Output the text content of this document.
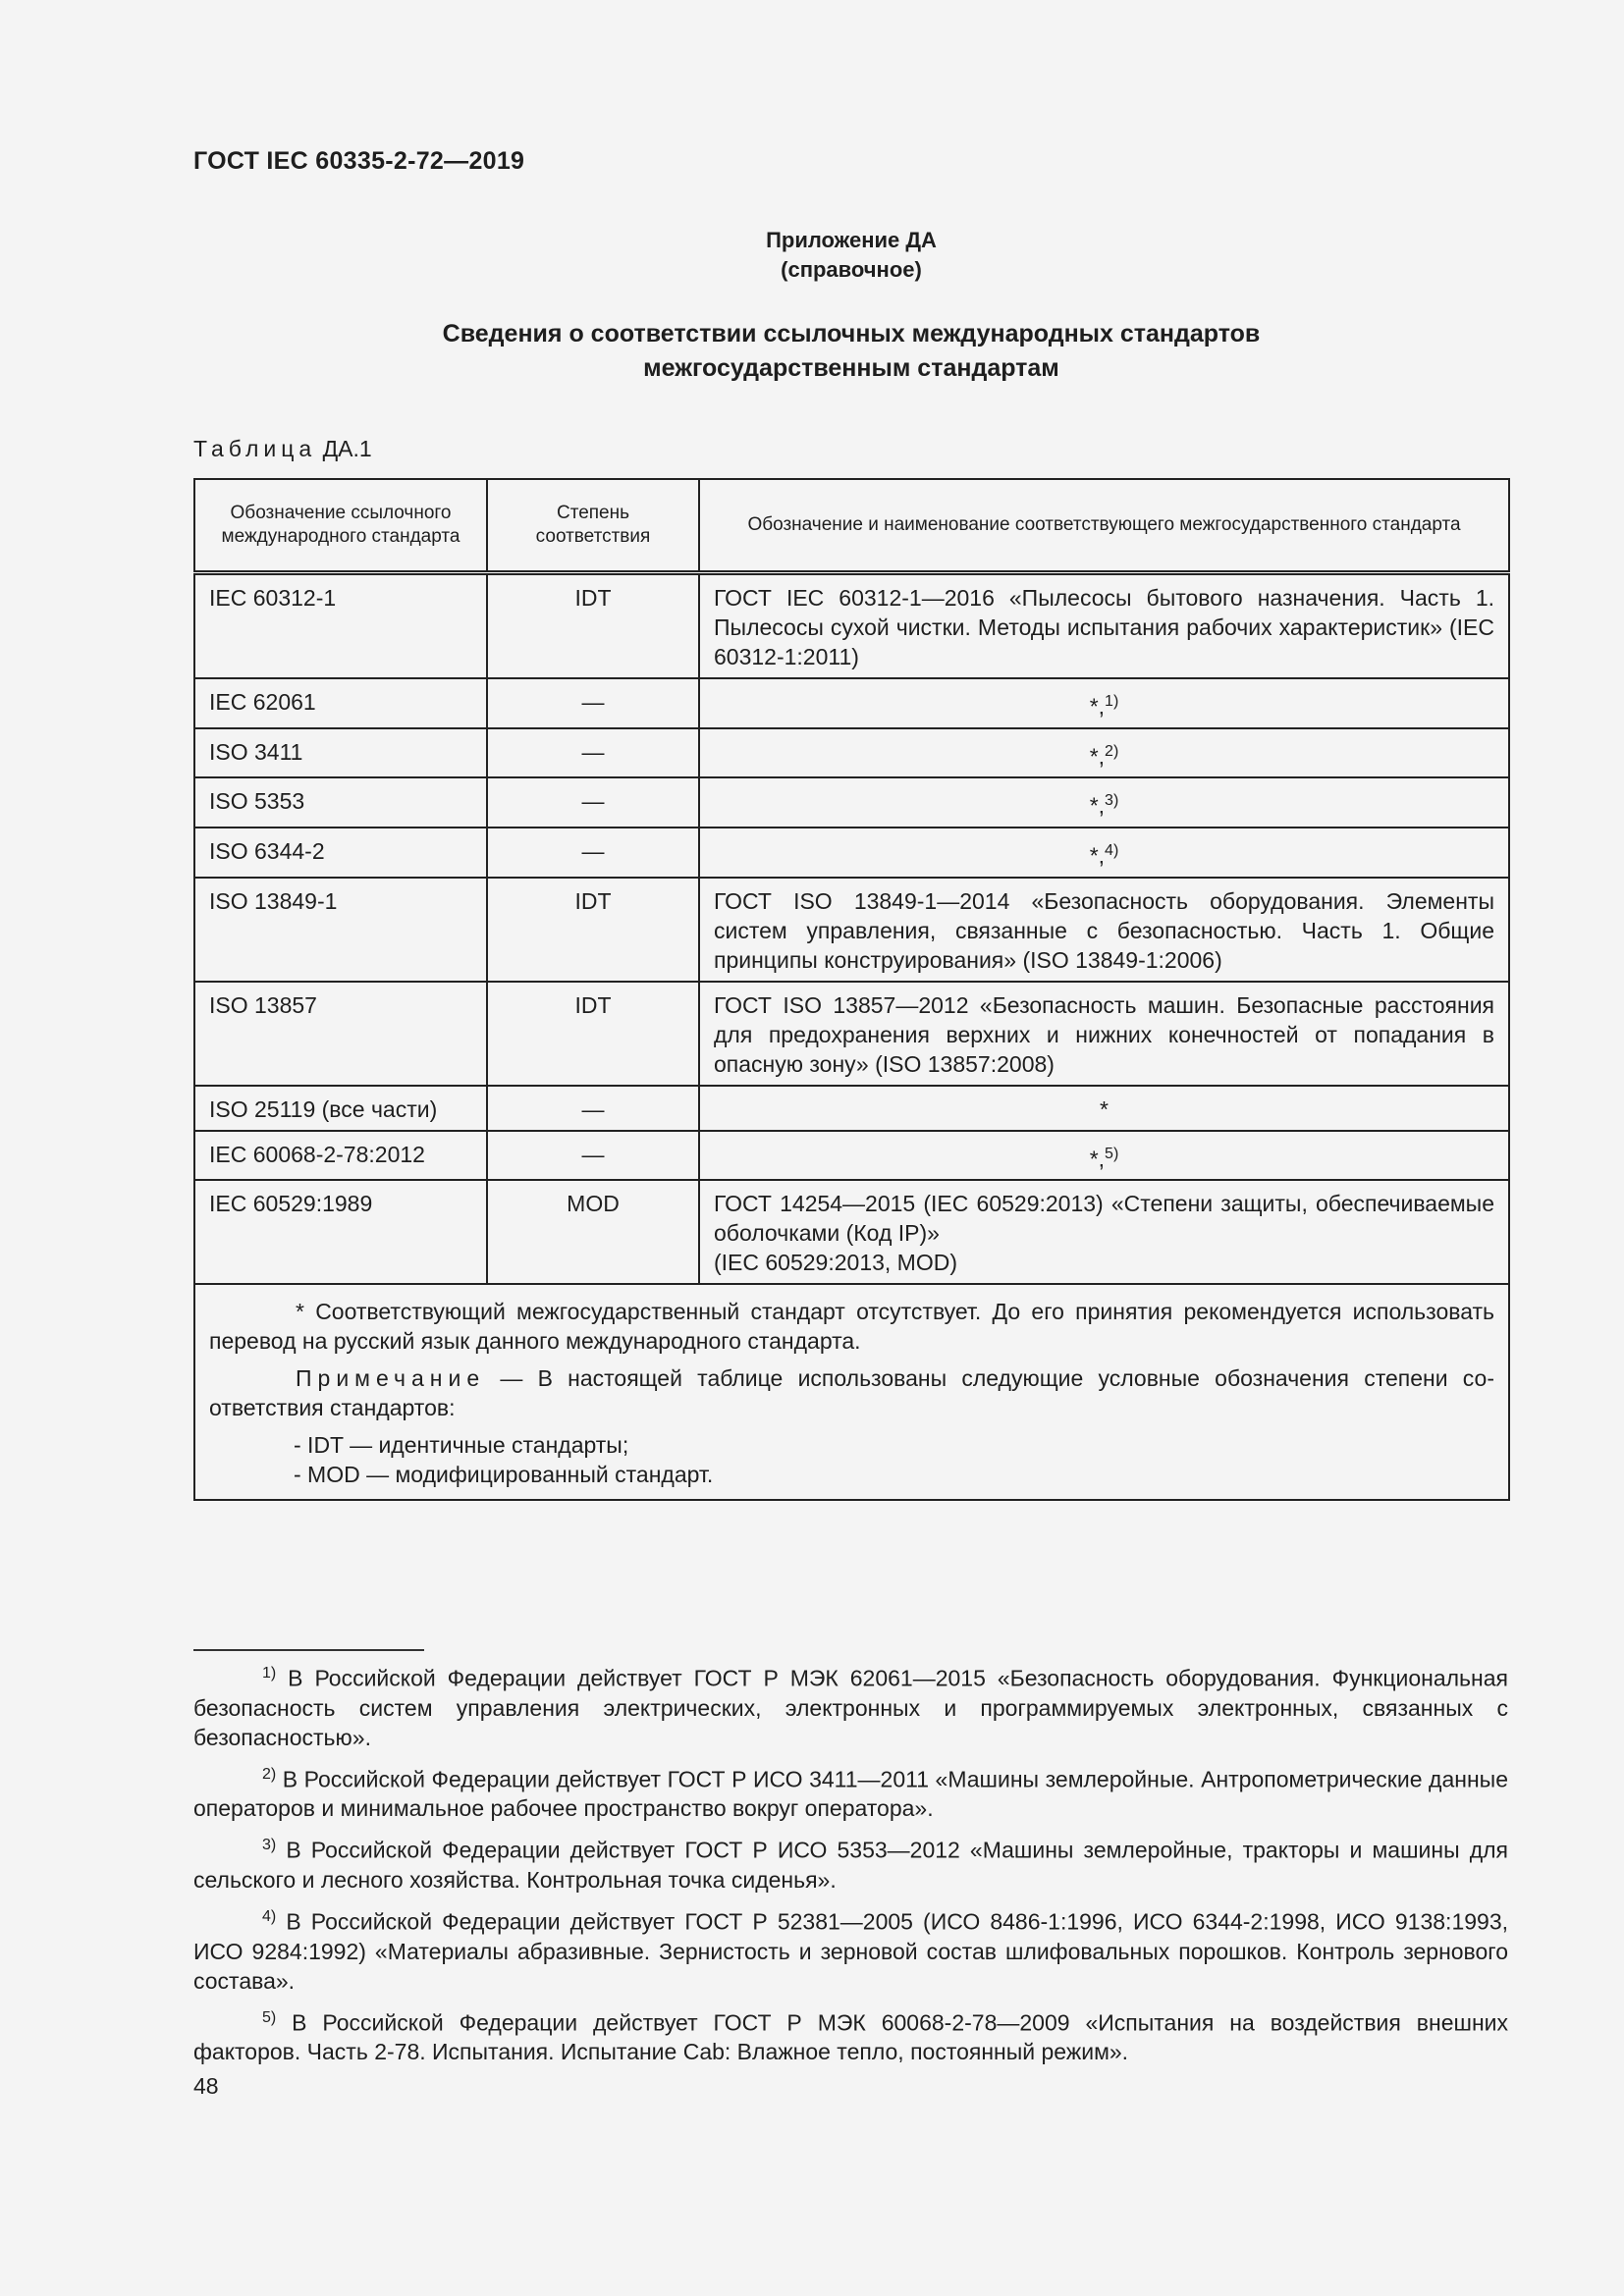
ГОСТ IEC 60335-2-72—2019
Приложение ДА
(справочное)
Сведения о соответствии ссылочных международных стандартов
межгосударственным стандартам
Таблица ДА.1
Обозначение ссылочного международного стандарта	Степень соответствия	Обозначение и наименование соответствующего межгосударственного стандарта
IEC 60312-1	IDT	ГОСТ IEC 60312-1—2016 «Пылесосы бытового назначения. Часть 1. Пылесосы сухой чистки. Методы испытания рабочих характеристик» (IEC 60312-1:2011)
IEC 62061	—	*,$^{1)}$
ISO 3411	—	*,$^{2)}$
ISO 5353	—	*,$^{3)}$
ISO 6344-2	—	*,$^{4)}$
ISO 13849-1	IDT	ГОСТ ISO 13849-1—2014 «Безопасность оборудования. Элементы систем управления, связанные с безопасностью. Часть 1. Общие принципы конструирования» (ISO 13849-1:2006)
ISO 13857	IDT	ГОСТ ISO 13857—2012 «Безопасность машин. Безопасные расстояния для предохранения верхних и нижних конечностей от попадания в опасную зону» (ISO 13857:2008)
ISO 25119 (все части)	—	*
IEC 60068-2-78:2012	—	*,$^{5)}$
IEC 60529:1989	MOD	ГОСТ 14254—2015 (IEC 60529:2013) «Степени защиты, обеспечиваемые оболочками (Код IP)»
(IEC 60529:2013, MOD)

* Соответствующий межгосударственный стандарт отсутствует. До его принятия рекомендуется использовать перевод на русский язык данного международного стандарта.

Примечание — В настоящей таблице использованы следующие условные обозначения степени соответствия стандартов:

- IDT — идентичные стандарты;
- MOD — модифицированный стандарт.		

$^{1)}$ В Российской Федерации действует ГОСТ Р МЭК 62061—2015 «Безопасность оборудования. Функциональная безопасность систем управления электрических, электронных и программируемых электронных, связанных с безопасностью».

$^{2)}$ В Российской Федерации действует ГОСТ Р ИСО 3411—2011 «Машины землеройные. Антропометрические данные операторов и минимальное рабочее пространство вокруг оператора».

$^{3)}$ В Российской Федерации действует ГОСТ Р ИСО 5353—2012 «Машины землеройные, тракторы и машины для сельского и лесного хозяйства. Контрольная точка сиденья».

$^{4)}$ В Российской Федерации действует ГОСТ Р 52381—2005 (ИСО 8486-1:1996, ИСО 6344-2:1998, ИСО 9138:1993, ИСО 9284:1992) «Материалы абразивные. Зернистость и зерновой состав шлифовальных порошков. Контроль зернового состава».

$^{5)}$ В Российской Федерации действует ГОСТ Р МЭК 60068-2-78—2009 «Испытания на воздействия внешних факторов. Часть 2-78. Испытания. Испытание Cab: Влажное тепло, постоянный режим».

48
